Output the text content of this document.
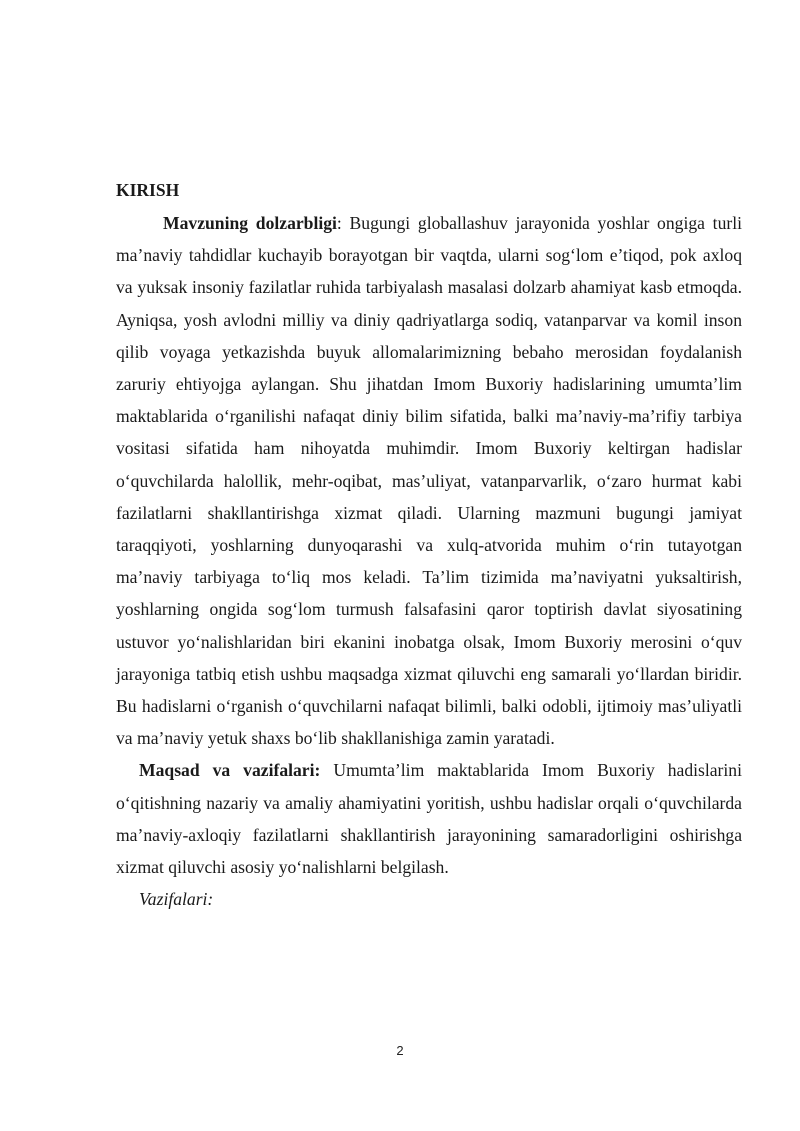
KIRISH

Mavzuning dolzarbligi: Bugungi globallashuv jarayonida yoshlar ongiga turli ma’naviy tahdidlar kuchayib borayotgan bir vaqtda, ularni sog‘lom e’tiqod, pok axloq va yuksak insoniy fazilatlar ruhida tarbiyalash masalasi dolzarb ahamiyat kasb etmoqda. Ayniqsa, yosh avlodni milliy va diniy qadriyatlarga sodiq, vatanparvar va komil inson qilib voyaga yetkazishda buyuk allomalarimizning bebaho merosidan foydalanish zaruriy ehtiyojga aylangan. Shu jihatdan Imom Buxoriy hadislarining umumta’lim maktablarida o‘rganilishi nafaqat diniy bilim sifatida, balki ma’naviy-ma’rifiy tarbiya vositasi sifatida ham nihoyatda muhimdir. Imom Buxoriy keltirgan hadislar o‘quvchilarda halollik, mehr-oqibat, mas’uliyat, vatanparvarlik, o‘zaro hurmat kabi fazilatlarni shakllantirishga xizmat qiladi. Ularning mazmuni bugungi jamiyat taraqqiyoti, yoshlarning dunyoqarashi va xulq-atvorida muhim o‘rin tutayotgan ma’naviy tarbiyaga to‘liq mos keladi. Ta’lim tizimida ma’naviyatni yuksaltirish, yoshlarning ongida sog‘lom turmush falsafasini qaror toptirish davlat siyosatining ustuvor yo‘nalishlaridan biri ekanini inobatga olsak, Imom Buxoriy merosini o‘quv jarayoniga tatbiq etish ushbu maqsadga xizmat qiluvchi eng samarali yo‘llardan biridir. Bu hadislarni o‘rganish o‘quvchilarni nafaqat bilimli, balki odobli, ijtimoiy mas’uliyatli va ma’naviy yetuk shaxs bo‘lib shakllanishiga zamin yaratadi.

Maqsad va vazifalari: Umumta’lim maktablarida Imom Buxoriy hadislarini o‘qitishning nazariy va amaliy ahamiyatini yoritish, ushbu hadislar orqali o‘quvchilarda ma’naviy-axloqiy fazilatlarni shakllantirish jarayonining samaradorligini oshirishga xizmat qiluvchi asosiy yo‘nalishlarni belgilash.

Vazifalari:

2
